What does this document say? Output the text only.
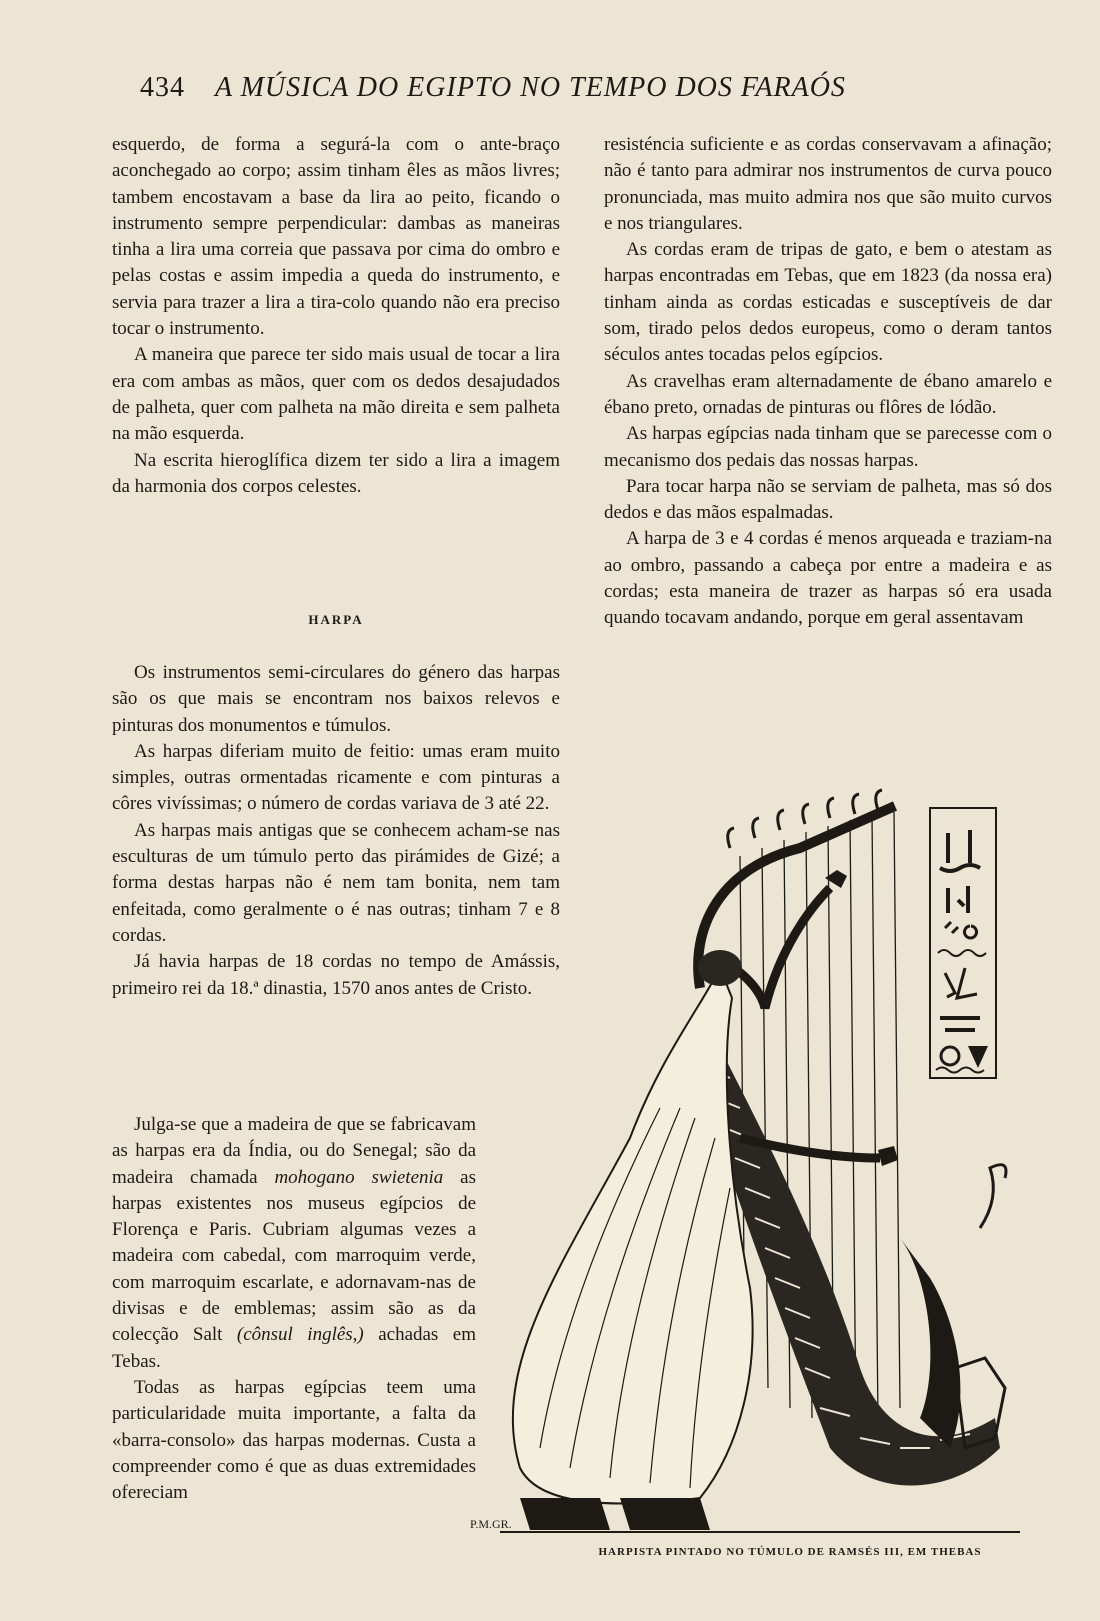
434 A MÚSICA DO EGIPTO NO TEMPO DOS FARAÓS

esquerdo, de forma a segurá-la com o ante-braço aconchegado ao corpo; assim tinham êles as mãos livres; tambem encostavam a base da lira ao peito, ficando o instrumento sempre perpendicular: dambas as maneiras tinha a lira uma correia que passava por cima do ombro e pelas costas e assim impedia a queda do instrumento, e servia para trazer a lira a tira-colo quando não era preciso tocar o instrumento.

A maneira que parece ter sido mais usual de tocar a lira era com ambas as mãos, quer com os dedos desajudados de palheta, quer com palheta na mão direita e sem palheta na mão esquerda.

Na escrita hieroglífica dizem ter sido a lira a imagem da harmonia dos corpos celestes.

HARPA

Os instrumentos semi-circulares do género das harpas são os que mais se encontram nos baixos relevos e pinturas dos monumentos e túmulos.

As harpas diferiam muito de feitio: umas eram muito simples, outras ormentadas ricamente e com pinturas a côres vivíssimas; o número de cordas variava de 3 até 22.

As harpas mais antigas que se conhecem acham-se nas esculturas de um túmulo perto das pirámides de Gizé; a forma destas harpas não é nem tam bonita, nem tam enfeitada, como geralmente o é nas outras; tinham 7 e 8 cordas.

Já havia harpas de 18 cordas no tempo de Amássis, primeiro rei da 18.ª dinastia, 1570 anos antes de Cristo.

Julga-se que a madeira de que se fabricavam as harpas era da Índia, ou do Senegal; são da madeira chamada mohogano swietenia as harpas existentes nos museus egípcios de Florença e Paris. Cubriam algumas vezes a madeira com cabedal, com marroquim verde, com marroquim escarlate, e adornavam-nas de divisas e de emblemas; assim são as da colecção Salt (cônsul inglês,) achadas em Tebas.

Todas as harpas egípcias teem uma particularidade muita importante, a falta da «barra-consolo» das harpas modernas. Custa a compreender como é que as duas extremidades ofereciam

resisténcia suficiente e as cordas conservavam a afinação; não é tanto para admirar nos instrumentos de curva pouco pronunciada, mas muito admira nos que são muito curvos e nos triangulares.

As cordas eram de tripas de gato, e bem o atestam as harpas encontradas em Tebas, que em 1823 (da nossa era) tinham ainda as cordas esticadas e susceptíveis de dar som, tirado pelos dedos europeus, como o deram tantos séculos antes tocadas pelos egípcios.

As cravelhas eram alternadamente de ébano amarelo e ébano preto, ornadas de pinturas ou flôres de lódão.

As harpas egípcias nada tinham que se parecesse com o mecanismo dos pedais das nossas harpas.

Para tocar harpa não se serviam de palheta, mas só dos dedos e das mãos espalmadas.

A harpa de 3 e 4 cordas é menos arqueada e traziam-na ao ombro, passando a cabeça por entre a madeira e as cordas; esta maneira de trazer as harpas só era usada quando tocavam andando, porque em geral assentavam

P.M.GR.
HARPISTA PINTADO NO TÚMULO DE RAMSÉS III, EM THEBAS
